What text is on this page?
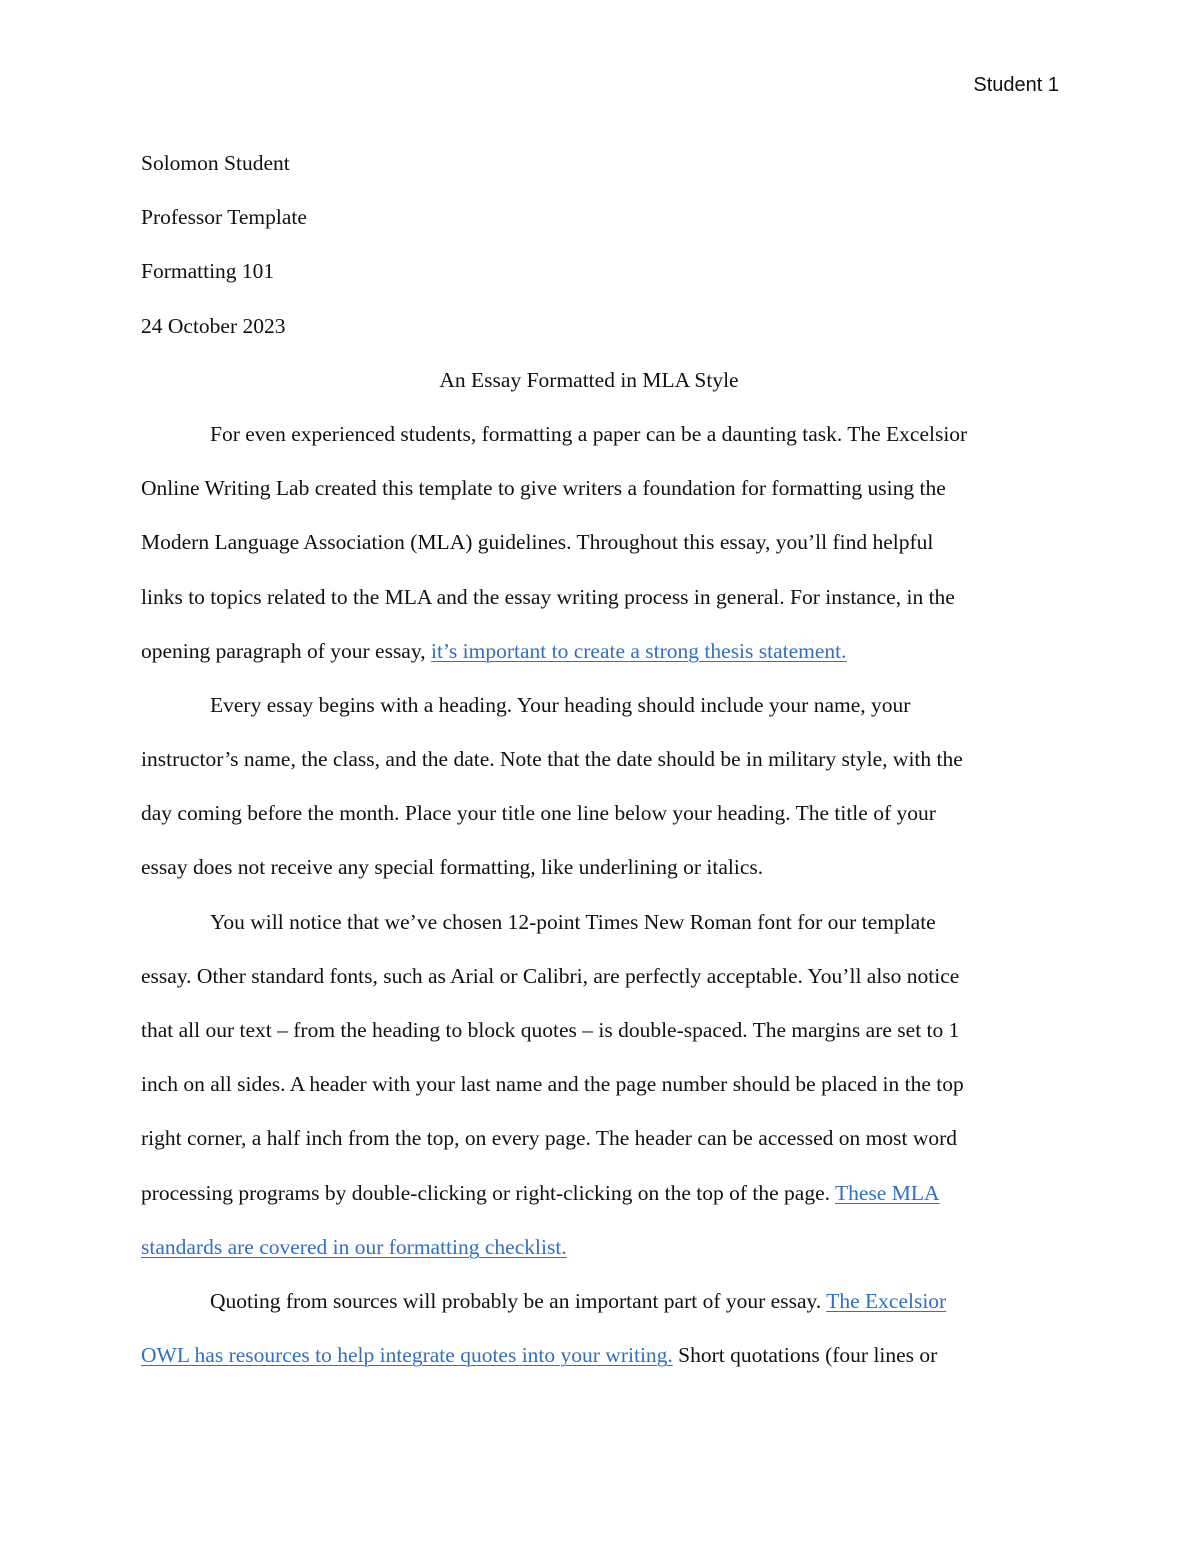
Student 1
Solomon Student
Professor Template
Formatting 101
24 October 2023
An Essay Formatted in MLA Style
For even experienced students, formatting a paper can be a daunting task. The Excelsior
Online Writing Lab created this template to give writers a foundation for formatting using the
Modern Language Association (MLA) guidelines. Throughout this essay, you’ll find helpful
links to topics related to the MLA and the essay writing process in general. For instance, in the
opening paragraph of your essay, it’s important to create a strong thesis statement.
Every essay begins with a heading. Your heading should include your name, your
instructor’s name, the class, and the date. Note that the date should be in military style, with the
day coming before the month. Place your title one line below your heading. The title of your
essay does not receive any special formatting, like underlining or italics.
You will notice that we’ve chosen 12-point Times New Roman font for our template
essay. Other standard fonts, such as Arial or Calibri, are perfectly acceptable. You’ll also notice
that all our text – from the heading to block quotes – is double-spaced. The margins are set to 1
inch on all sides. A header with your last name and the page number should be placed in the top
right corner, a half inch from the top, on every page. The header can be accessed on most word
processing programs by double-clicking or right-clicking on the top of the page. These MLA
standards are covered in our formatting checklist.
Quoting from sources will probably be an important part of your essay. The Excelsior
OWL has resources to help integrate quotes into your writing. Short quotations (four lines or
